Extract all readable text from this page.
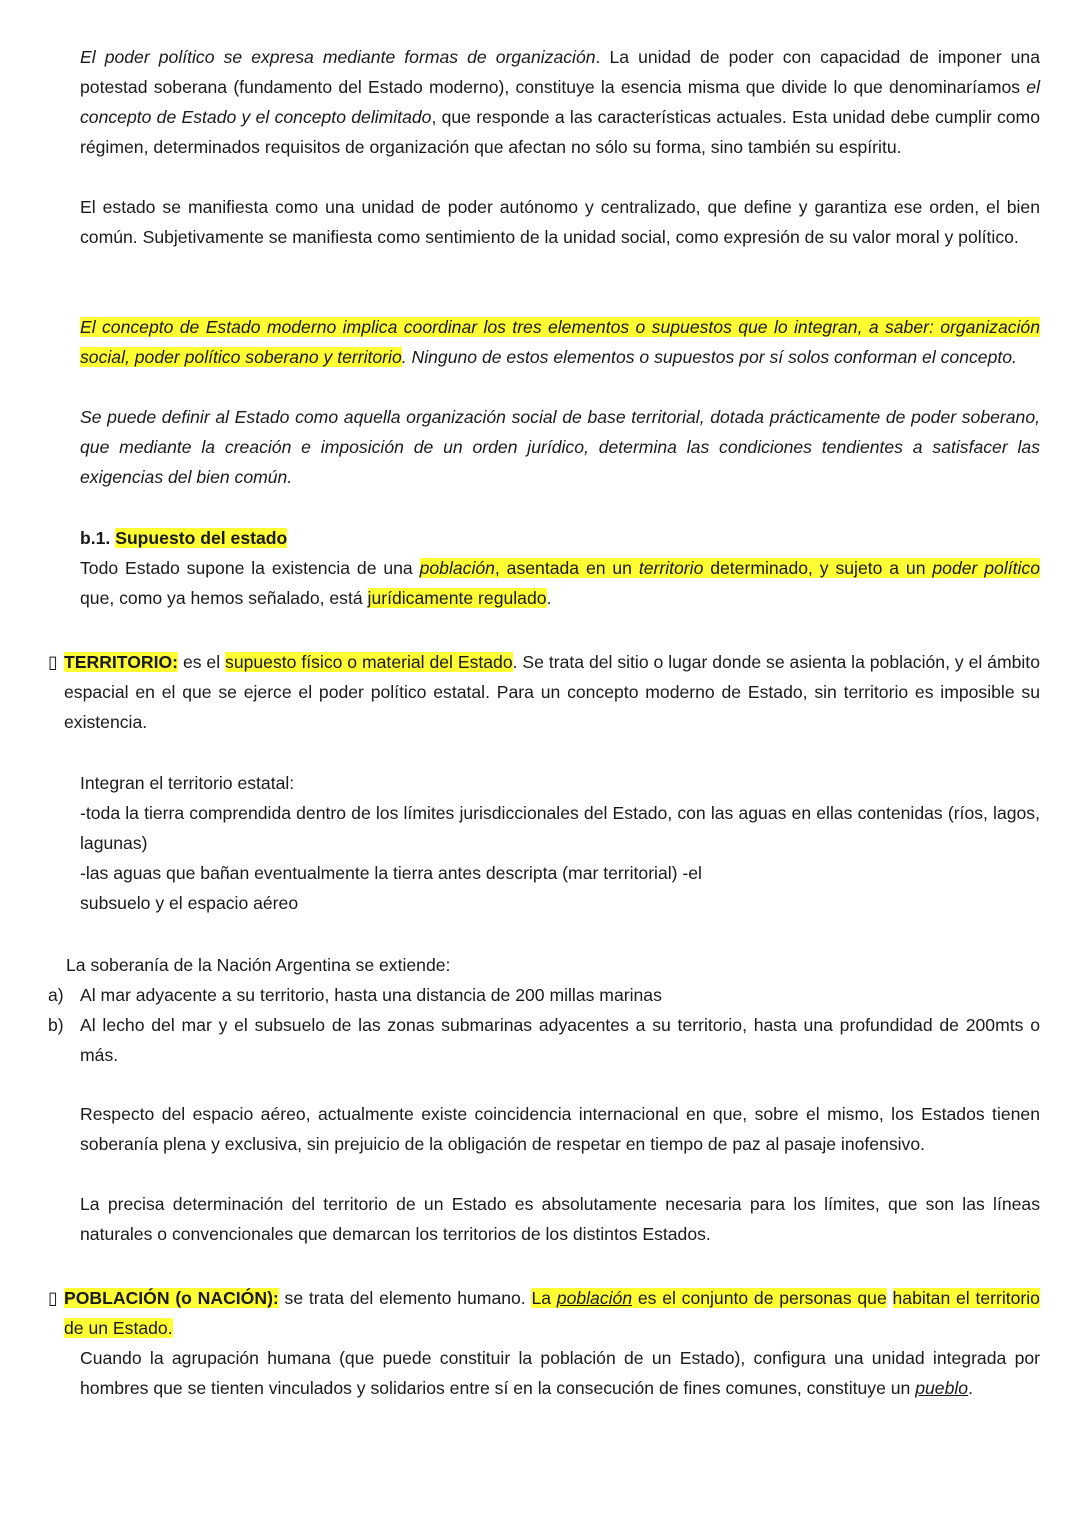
El poder político se expresa mediante formas de organización. La unidad de poder con capacidad de imponer una potestad soberana (fundamento del Estado moderno), constituye la esencia misma que divide lo que denominaríamos el concepto de Estado y el concepto delimitado, que responde a las características actuales. Esta unidad debe cumplir como régimen, determinados requisitos de organización que afectan no sólo su forma, sino también su espíritu.

El estado se manifiesta como una unidad de poder autónomo y centralizado, que define y garantiza ese orden, el bien común. Subjetivamente se manifiesta como sentimiento de la unidad social, como expresión de su valor moral y político.

El concepto de Estado moderno implica coordinar los tres elementos o supuestos que lo integran, a saber: organización social, poder político soberano y territorio. Ninguno de estos elementos o supuestos por sí solos conforman el concepto.

Se puede definir al Estado como aquella organización social de base territorial, dotada prácticamente de poder soberano, que mediante la creación e imposición de un orden jurídico, determina las condiciones tendientes a satisfacer las exigencias del bien común.

b.1. Supuesto del estado

Todo Estado supone la existencia de una población, asentada en un territorio determinado, y sujeto a un poder político que, como ya hemos señalado, está jurídicamente regulado.

▯ TERRITORIO: es el supuesto físico o material del Estado. Se trata del sitio o lugar donde se asienta la población, y el ámbito espacial en el que se ejerce el poder político estatal. Para un concepto moderno de Estado, sin territorio es imposible su existencia.

Integran el territorio estatal:

-toda la tierra comprendida dentro de los límites jurisdiccionales del Estado, con las aguas en ellas contenidas (ríos, lagos, lagunas)

-las aguas que bañan eventualmente la tierra antes descripta (mar territorial) -el

subsuelo y el espacio aéreo

La soberanía de la Nación Argentina se extiende:

a) Al mar adyacente a su territorio, hasta una distancia de 200 millas marinas

b) Al lecho del mar y el subsuelo de las zonas submarinas adyacentes a su territorio, hasta una profundidad de 200mts o más.

Respecto del espacio aéreo, actualmente existe coincidencia internacional en que, sobre el mismo, los Estados tienen soberanía plena y exclusiva, sin prejuicio de la obligación de respetar en tiempo de paz al pasaje inofensivo.

La precisa determinación del territorio de un Estado es absolutamente necesaria para los límites, que son las líneas naturales o convencionales que demarcan los territorios de los distintos Estados.

▯ POBLACIÓN (o NACIÓN): se trata del elemento humano. La población es el conjunto de personas que habitan el territorio de un Estado.

Cuando la agrupación humana (que puede constituir la población de un Estado), configura una unidad integrada por hombres que se tienten vinculados y solidarios entre sí en la consecución de fines comunes, constituye un pueblo.
